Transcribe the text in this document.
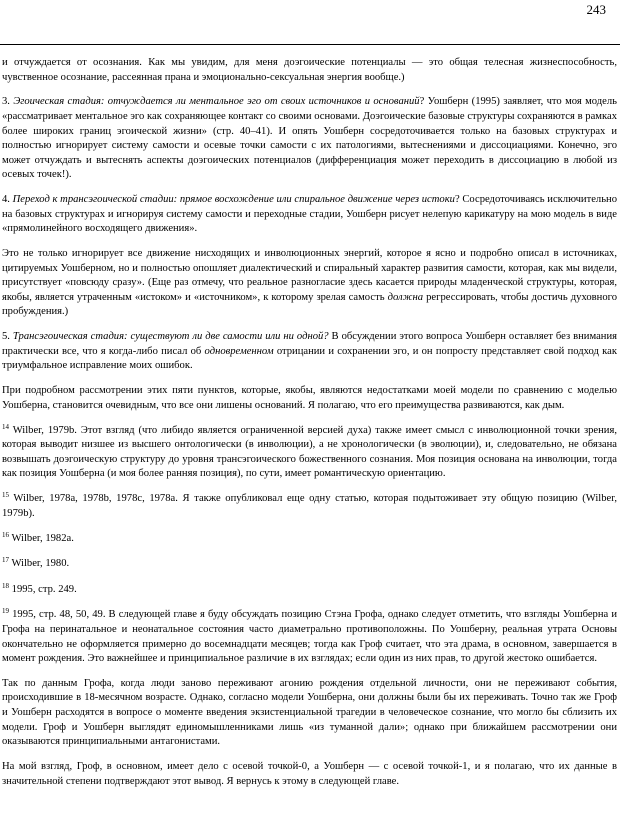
243

и отчуждается от осознания. Как мы увидим, для меня доэгоические потенциалы — это общая телесная жизнеспособность, чувственное осознание, рассеянная прана и эмоционально-сексуальная энергия вообще.)

3. Эгоическая стадия: отчуждается ли ментальное эго от своих источников и оснований? Уошберн (1995) заявляет, что моя модель «рассматривает ментальное эго как сохраняющее контакт со своими основами. Доэгоические базовые структуры сохраняются в рамках более широких границ эгоической жизни» (стр. 40–41). И опять Уошберн сосредоточивается только на базовых структурах и полностью игнорирует систему самости и осевые точки самости с их патологиями, вытеснениями и диссоциациями. Конечно, эго может отчуждать и вытеснять аспекты доэгоических потенциалов (дифференциация может переходить в диссоциацию в любой из осевых точек!).

4. Переход к трансэгоической стадии: прямое восхождение или спиральное движение через истоки? Сосредоточиваясь исключительно на базовых структурах и игнорируя систему самости и переходные стадии, Уошберн рисует нелепую карикатуру на мою модель в виде «прямолинейного восходящего движения».

Это не только игнорирует все движение нисходящих и инволюционных энергий, которое я ясно и подробно описал в источниках, цитируемых Уошберном, но и полностью опошляет диалектический и спиральный характер развития самости, которая, как мы видели, присутствует «повсюду сразу». (Еще раз отмечу, что реальное разногласие здесь касается природы младенческой структуры, которая, якобы, является утраченным «истоком» и «источником», к которому зрелая самость должна регрессировать, чтобы достичь духовного пробуждения.)

5. Трансэгоическая стадия: существуют ли две самости или ни одной? В обсуждении этого вопроса Уошберн оставляет без внимания практически все, что я когда-либо писал об одновременном отрицании и сохранении эго, и он попросту представляет свой подход как триумфальное исправление моих ошибок.

При подробном рассмотрении этих пяти пунктов, которые, якобы, являются недостатками моей модели по сравнению с моделью Уошберна, становится очевидным, что все они лишены оснований. Я полагаю, что его преимущества развиваются, как дым.

$^{14}$ Wilber, 1979b. Этот взгляд (что либидо является ограниченной версией духа) также имеет смысл с инволюционной точки зрения, которая выводит низшее из высшего онтологически (в инволюции), а не хронологически (в эволюции), и, следовательно, не обязана возвышать доэгоическую структуру до уровня трансэгоического божественного сознания. Моя позиция основана на инволюции, тогда как позиция Уошберна (и моя более ранняя позиция), по сути, имеет романтическую ориентацию.

$^{15}$ Wilber, 1978a, 1978b, 1978c, 1978a. Я также опубликовал еще одну статью, которая подытоживает эту общую позицию (Wilber, 1979b).

$^{16}$ Wilber, 1982a.

$^{17}$ Wilber, 1980.

$^{18}$ 1995, стр. 249.

$^{19}$ 1995, стр. 48, 50, 49. В следующей главе я буду обсуждать позицию Стэна Грофа, однако следует отметить, что взгляды Уошберна и Грофа на перинатальное и неонатальное состояния часто диаметрально противоположны. По Уошберну, реальная утрата Основы окончательно не оформляется примерно до восемнадцати месяцев; тогда как Гроф считает, что эта драма, в основном, завершается в момент рождения. Это важнейшее и принципиальное различие в их взглядах; если один из них прав, то другой жестоко ошибается.

Так по данным Грофа, когда люди заново переживают агонию рождения отдельной личности, они не переживают события, происходившие в 18-месячном возрасте. Однако, согласно модели Уошберна, они должны были бы их переживать. Точно так же Гроф и Уошберн расходятся в вопросе о моменте введения экзистенциальной трагедии в человеческое сознание, что могло бы сблизить их модели. Гроф и Уошберн выглядят единомышленниками лишь «из туманной дали»; однако при ближайшем рассмотрении они оказываются принципиальными антагонистами.

На мой взгляд, Гроф, в основном, имеет дело с осевой точкой-0, а Уошберн — с осевой точкой-1, и я полагаю, что их данные в значительной степени подтверждают этот вывод. Я вернусь к этому в следующей главе.
